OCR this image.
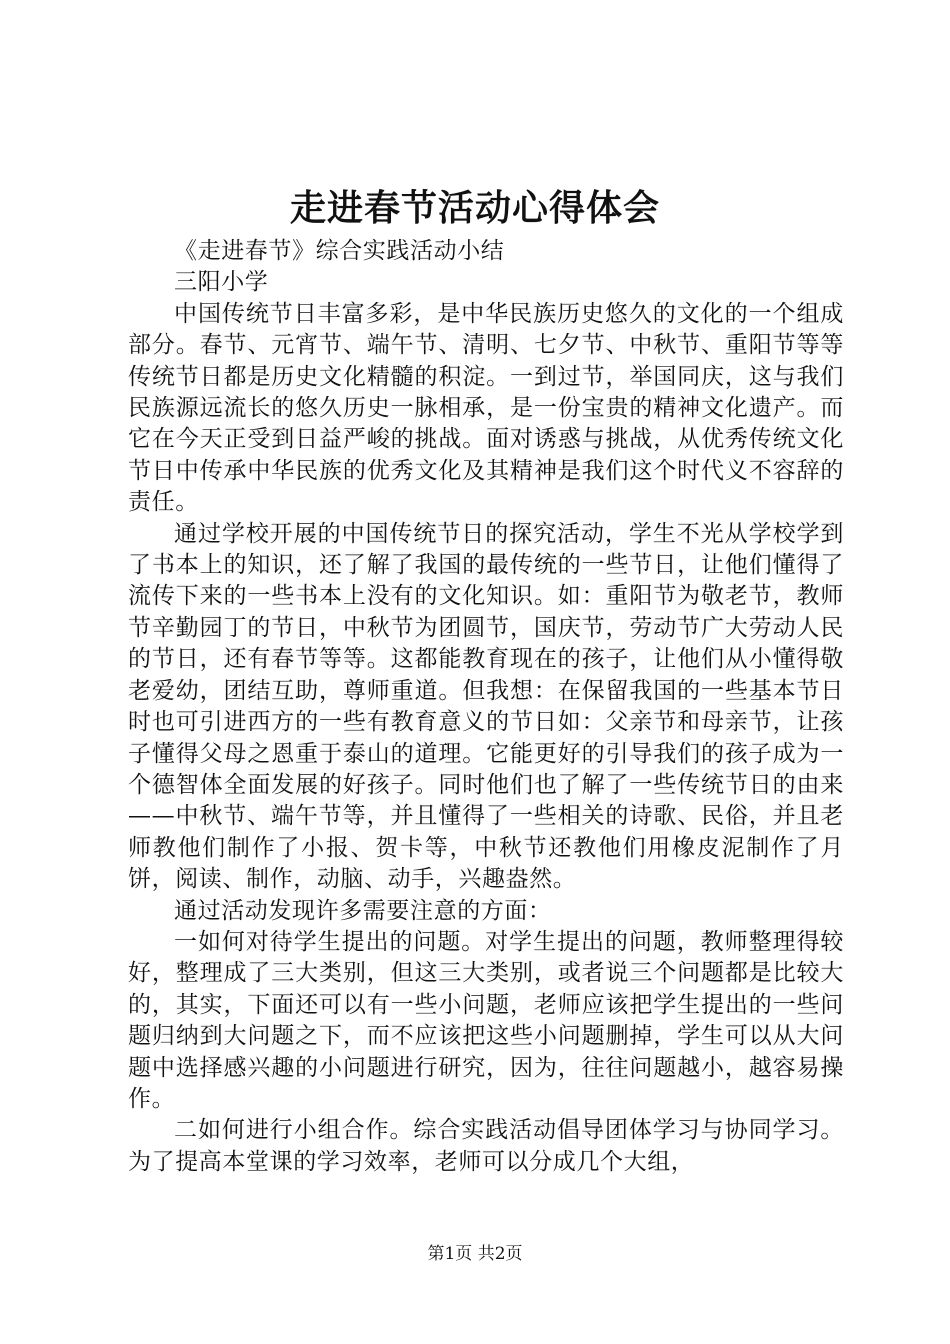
走进春节活动心得体会

《走进春节》综合实践活动小结

三阳小学

中国传统节日丰富多彩，是中华民族历史悠久的文化的一个组成部分。春节、元宵节、端午节、清明、七夕节、中秋节、重阳节等等传统节日都是历史文化精髓的积淀。一到过节，举国同庆，这与我们民族源远流长的悠久历史一脉相承，是一份宝贵的精神文化遗产。而它在今天正受到日益严峻的挑战。面对诱惑与挑战，从优秀传统文化节日中传承中华民族的优秀文化及其精神是我们这个时代义不容辞的责任。

通过学校开展的中国传统节日的探究活动，学生不光从学校学到了书本上的知识，还了解了我国的最传统的一些节日，让他们懂得了流传下来的一些书本上没有的文化知识。如：重阳节为敬老节，教师节辛勤园丁的节日，中秋节为团圆节，国庆节，劳动节广大劳动人民的节日，还有春节等等。这都能教育现在的孩子，让他们从小懂得敬老爱幼，团结互助，尊师重道。但我想：在保留我国的一些基本节日时也可引进西方的一些有教育意义的节日如：父亲节和母亲节，让孩子懂得父母之恩重于泰山的道理。它能更好的引导我们的孩子成为一个德智体全面发展的好孩子。同时他们也了解了一些传统节日的由来——中秋节、端午节等，并且懂得了一些相关的诗歌、民俗，并且老师教他们制作了小报、贺卡等，中秋节还教他们用橡皮泥制作了月饼，阅读、制作，动脑、动手，兴趣盎然。

通过活动发现许多需要注意的方面：

一如何对待学生提出的问题。对学生提出的问题，教师整理得较好，整理成了三大类别，但这三大类别，或者说三个问题都是比较大的，其实，下面还可以有一些小问题，老师应该把学生提出的一些问题归纳到大问题之下，而不应该把这些小问题删掉，学生可以从大问题中选择感兴趣的小问题进行研究，因为，往往问题越小，越容易操作。

二如何进行小组合作。综合实践活动倡导团体学习与协同学习。为了提高本堂课的学习效率，老师可以分成几个大组，

第1页 共2页
